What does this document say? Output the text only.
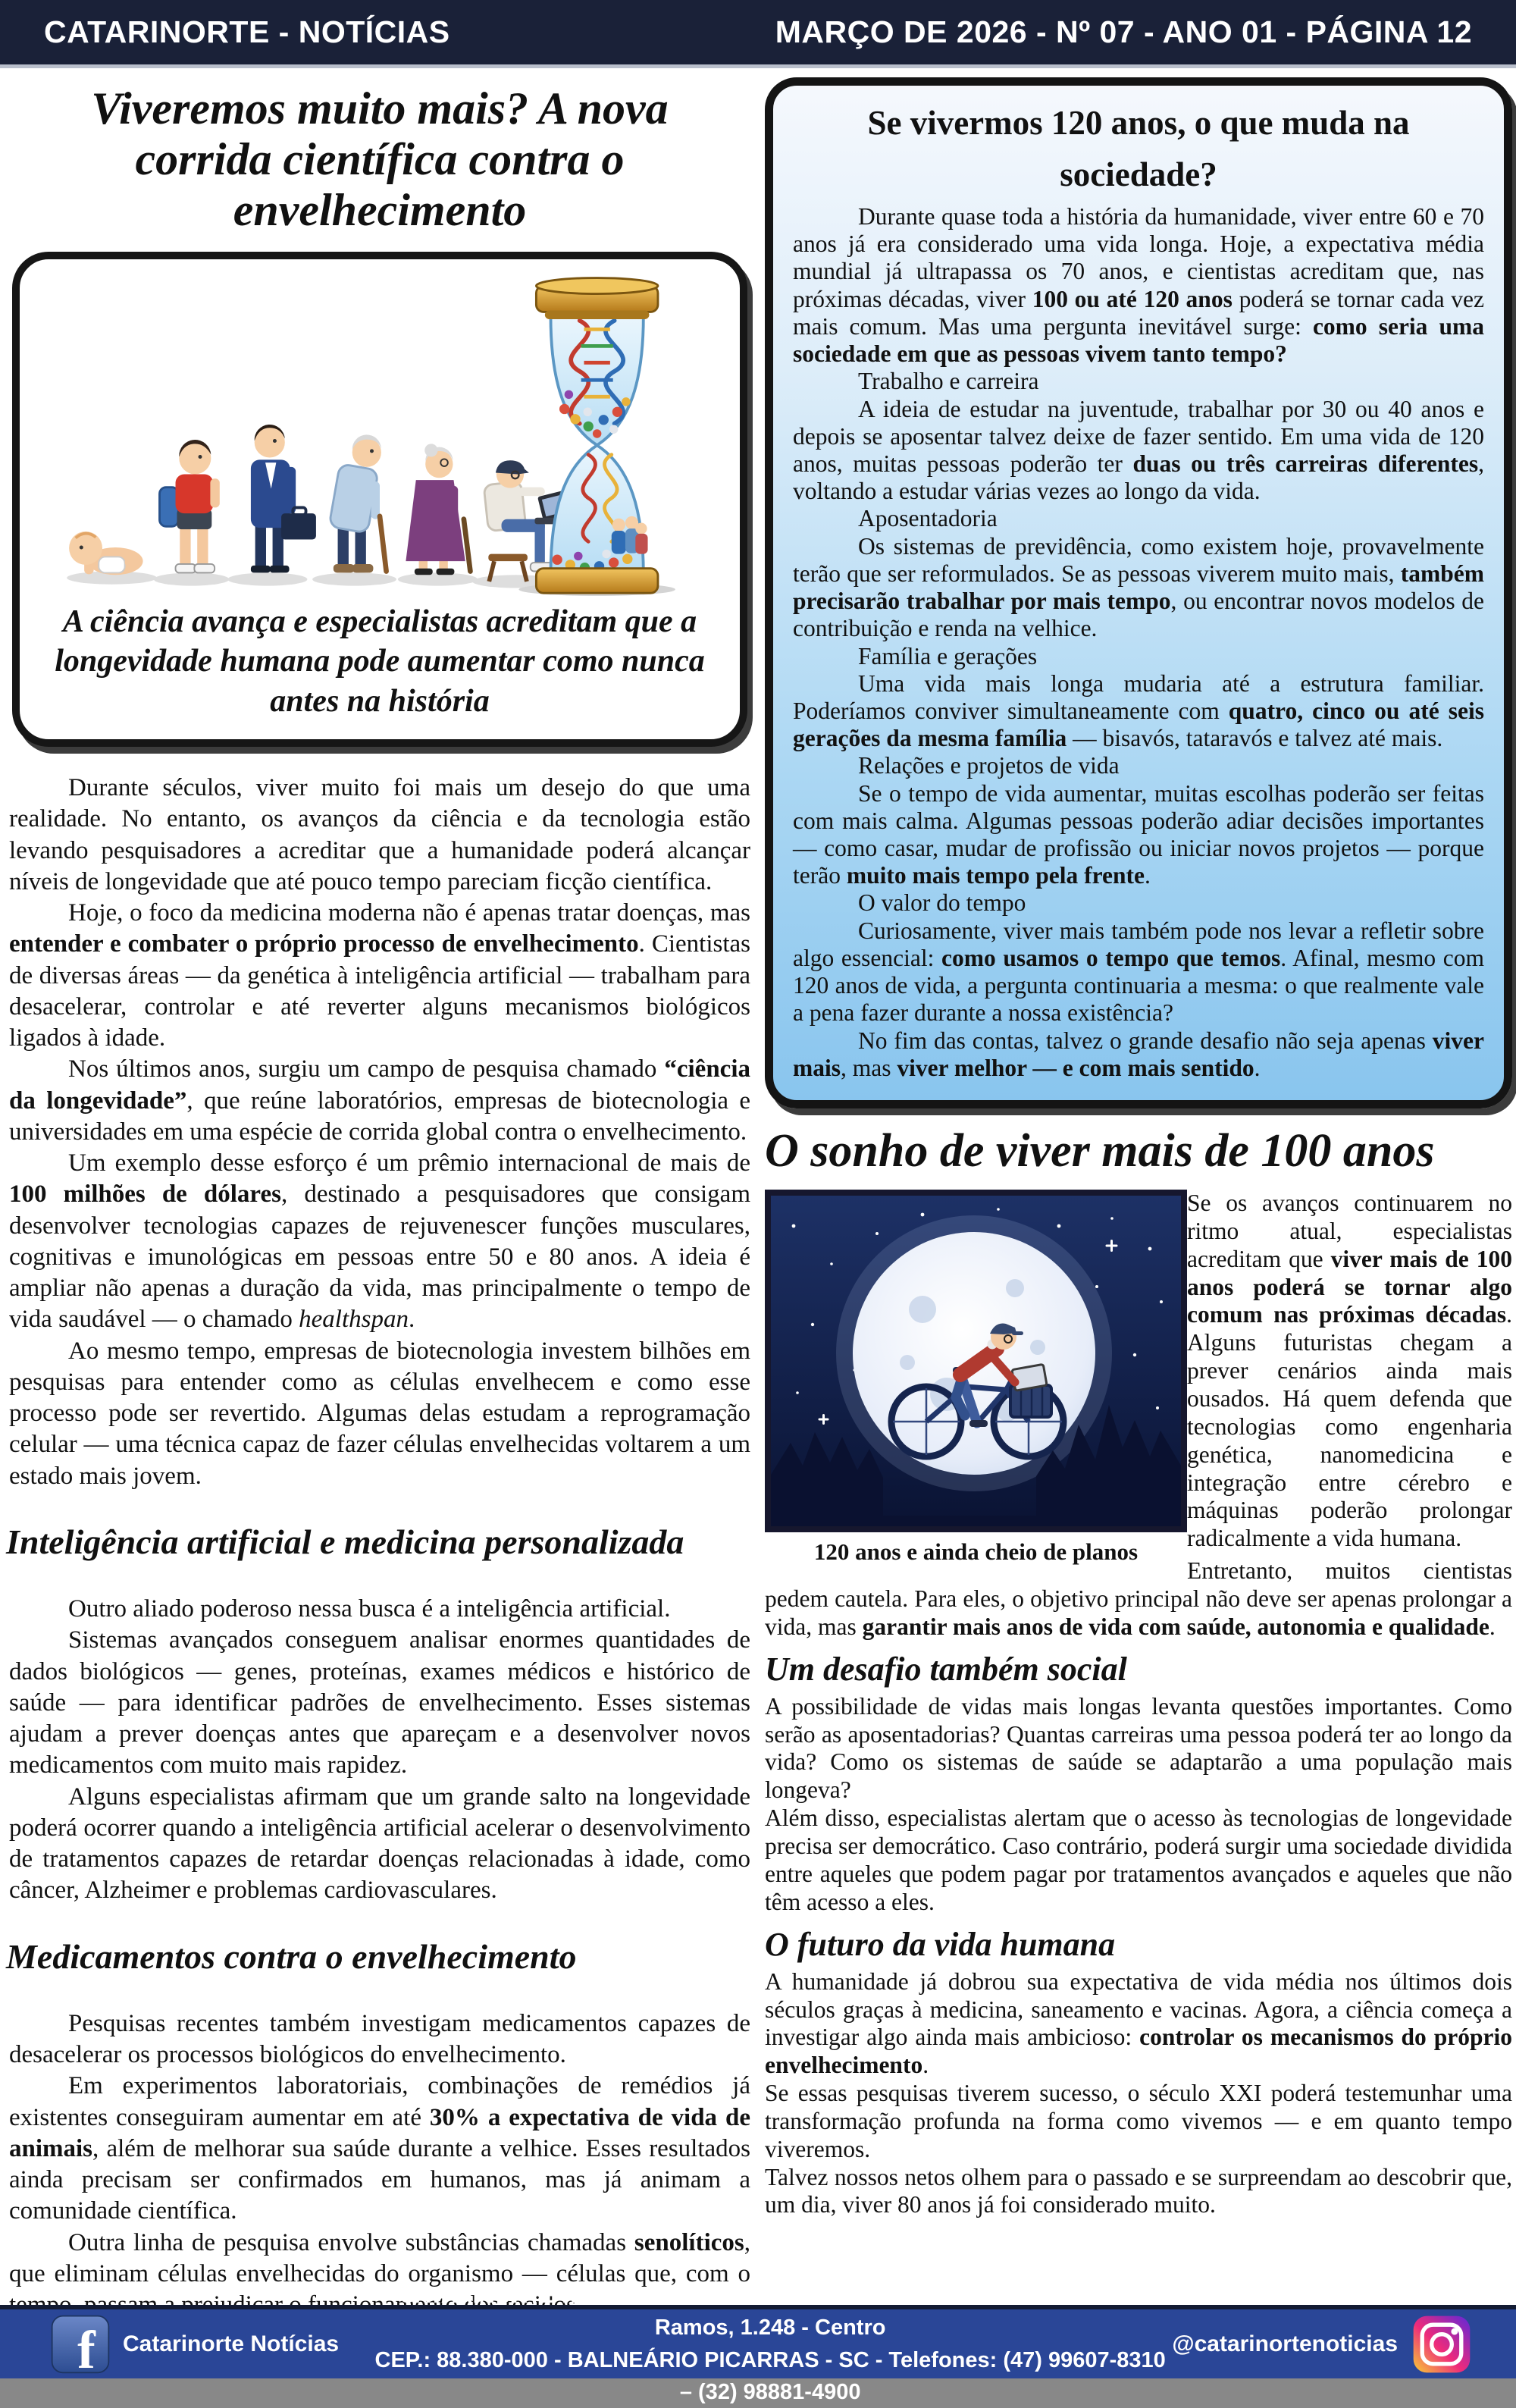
CATARINORTE - NOTÍCIAS	MARÇO DE 2026 - Nº 07 - ANO 01 - PÁGINA 12
Viveremos muito mais? A nova corrida científica contra o envelhecimento
A ciência avança e especialistas acreditam que a longevidade humana pode aumentar como nunca antes na história

Durante séculos, viver muito foi mais um desejo do que uma realidade. No entanto, os avanços da ciência e da tecnologia estão levando pesquisadores a acreditar que a humanidade poderá alcançar níveis de longevidade que até pouco tempo pareciam ficção científica.

Hoje, o foco da medicina moderna não é apenas tratar doenças, mas entender e combater o próprio processo de envelhecimento. Cientistas de diversas áreas — da genética à inteligência artificial — trabalham para desacelerar, controlar e até reverter alguns mecanismos biológicos ligados à idade.

Nos últimos anos, surgiu um campo de pesquisa chamado “ciência da longevidade”, que reúne laboratórios, empresas de biotecnologia e universidades em uma espécie de corrida global contra o envelhecimento.

Um exemplo desse esforço é um prêmio internacional de mais de 100 milhões de dólares, destinado a pesquisadores que consigam desenvolver tecnologias capazes de rejuvenescer funções musculares, cognitivas e imunológicas em pessoas entre 50 e 80 anos. A ideia é ampliar não apenas a duração da vida, mas principalmente o tempo de vida saudável — o chamado healthspan.

Ao mesmo tempo, empresas de biotecnologia investem bilhões em pesquisas para entender como as células envelhecem e como esse processo pode ser revertido. Algumas delas estudam a reprogramação celular — uma técnica capaz de fazer células envelhecidas voltarem a um estado mais jovem.

Inteligência artificial e medicina personalizada

Outro aliado poderoso nessa busca é a inteligência artificial.

Sistemas avançados conseguem analisar enormes quantidades de dados biológicos — genes, proteínas, exames médicos e histórico de saúde — para identificar padrões de envelhecimento. Esses sistemas ajudam a prever doenças antes que apareçam e a desenvolver novos medicamentos com muito mais rapidez.

Alguns especialistas afirmam que um grande salto na longevidade poderá ocorrer quando a inteligência artificial acelerar o desenvolvimento de tratamentos capazes de retardar doenças relacionadas à idade, como câncer, Alzheimer e problemas cardiovasculares.

Medicamentos contra o envelhecimento

Pesquisas recentes também investigam medicamentos capazes de desacelerar os processos biológicos do envelhecimento.

Em experimentos laboratoriais, combinações de remédios já existentes conseguiram aumentar em até 30% a expectativa de vida de animais, além de melhorar sua saúde durante a velhice. Esses resultados ainda precisam ser confirmados em humanos, mas já animam a comunidade científica.

Outra linha de pesquisa envolve substâncias chamadas senolíticos, que eliminam células envelhecidas do organismo — células que, com o

Se vivermos 120 anos, o que muda na sociedade?

Durante quase toda a história da humanidade, viver entre 60 e 70 anos já era considerado uma vida longa. Hoje, a expectativa média mundial já ultrapassa os 70 anos, e cientistas acreditam que, nas próximas décadas, viver 100 ou até 120 anos poderá se tornar cada vez mais comum. Mas uma pergunta inevitável surge: como seria uma sociedade em que as pessoas vivem tanto tempo?

Trabalho e carreira

A ideia de estudar na juventude, trabalhar por 30 ou 40 anos e depois se aposentar talvez deixe de fazer sentido. Em uma vida de 120 anos, muitas pessoas poderão ter duas ou três carreiras diferentes, voltando a estudar várias vezes ao longo da vida.

Aposentadoria

Os sistemas de previdência, como existem hoje, provavelmente terão que ser reformulados. Se as pessoas viverem muito mais, também precisarão trabalhar por mais tempo, ou encontrar novos modelos de contribuição e renda na velhice.

Família e gerações

Uma vida mais longa mudaria até a estrutura familiar. Poderíamos conviver simultaneamente com quatro, cinco ou até seis gerações da mesma família — bisavós, tataravós e talvez até mais.

Relações e projetos de vida

Se o tempo de vida aumentar, muitas escolhas poderão ser feitas com mais calma. Algumas pessoas poderão adiar decisões importantes — como casar, mudar de profissão ou iniciar novos projetos — porque terão muito mais tempo pela frente.

O valor do tempo

Curiosamente, viver mais também pode nos levar a refletir sobre algo essencial: como usamos o tempo que temos. Afinal, mesmo com 120 anos de vida, a pergunta continuaria a mesma: o que realmente vale a pena fazer durante a nossa existência?

No fim das contas, talvez o grande desafio não seja apenas viver mais, mas viver melhor — e com mais sentido.

O sonho de viver mais de 100 anos
120 anos e ainda cheio de planos

Se os avanços continuarem no ritmo atual, especialistas acreditam que viver mais de 100 anos poderá se tornar algo comum nas próximas décadas. Alguns futuristas chegam a prever cenários ainda mais ousados. Há quem defenda que tecnologias como engenharia genética, nanomedicina e integração entre cérebro e máquinas poderão prolongar radicalmente a vida humana.

Entretanto, muitos cientistas pedem cautela. Para eles, o objetivo principal não deve ser apenas prolongar a vida, mas garantir mais anos de vida com saúde, autonomia e qualidade.

Um desafio também social

A possibilidade de vidas mais longas levanta questões importantes. Como serão as aposentadorias? Quantas carreiras uma pessoa poderá ter ao longo da vida? Como os sistemas de saúde se adaptarão a uma população mais longeva?

Além disso, especialistas alertam que o acesso às tecnologias de longevidade precisa ser democrático. Caso contrário, poderá surgir uma sociedade dividida entre aqueles que podem pagar por tratamentos avançados e aqueles que não têm acesso a eles.

O futuro da vida humana

A humanidade já dobrou sua expectativa de vida média nos últimos dois séculos graças à medicina, saneamento e vacinas. Agora, a ciência começa a investigar algo ainda mais ambicioso: controlar os mecanismos do próprio envelhecimento.

Se essas pesquisas tiverem sucesso, o século XXI poderá testemunhar uma transformação profunda na forma como vivemos — e em quanto tempo viveremos.

Talvez nossos netos olhem para o passado e se surpreendam ao descobrir que, um dia, viver 80 anos já foi considerado muito.

f Catarinorte Notícias
CATARINORTE NOTÍCIAS - C.N.P.J. 60.396.780/0001-62 - Avenida Nereu Ramos, 1.248 - Centro
CEP.: 88.380-000 - BALNEÁRIO PICARRAS - SC - Telefones: (47) 99607-8310 – (32) 98881-4900
@catarinortenoticias
